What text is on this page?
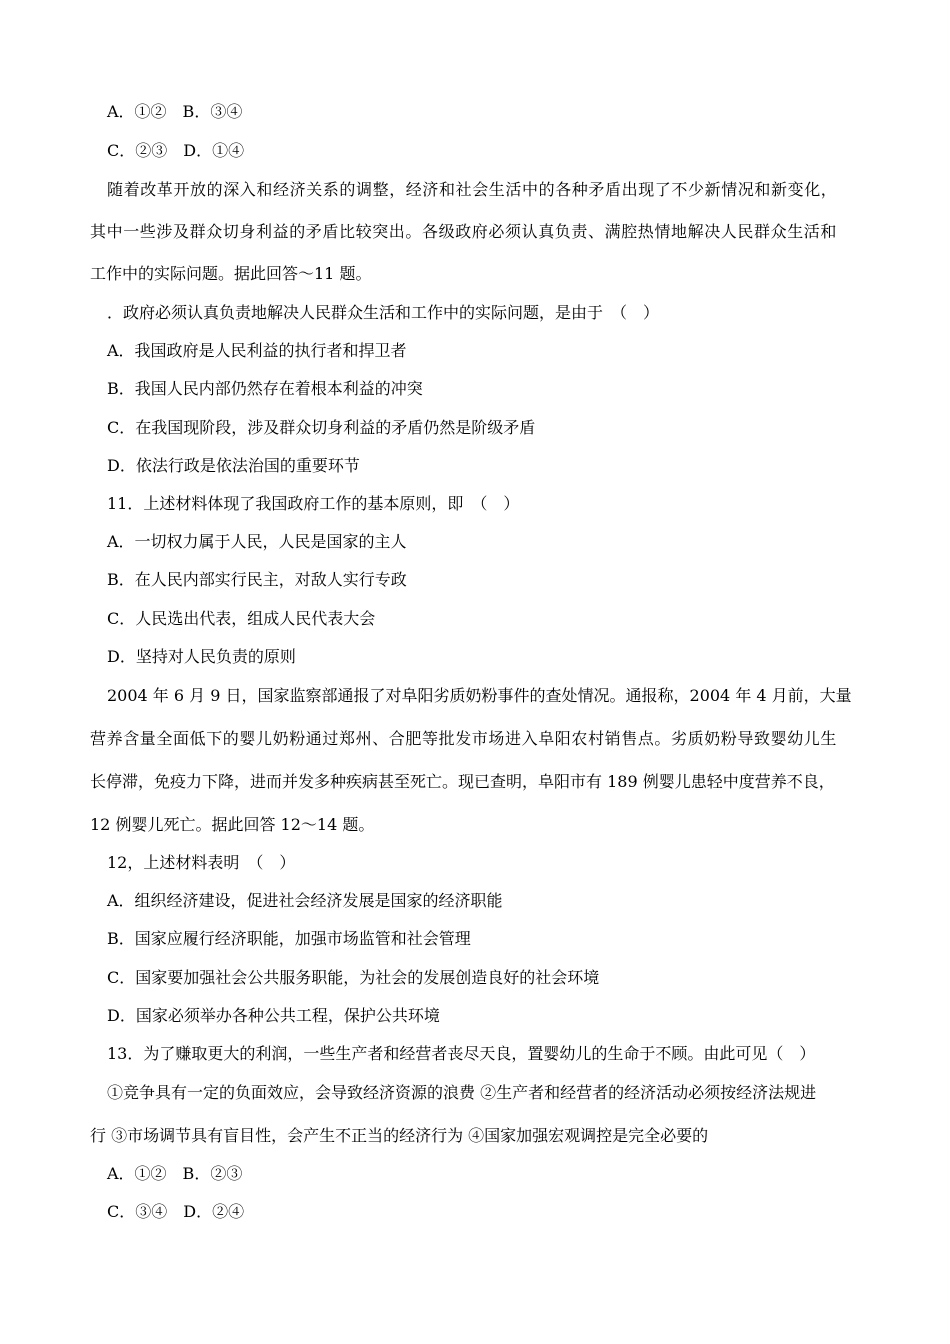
A．①②　B．③④
C．②③　D．①④
随着改革开放的深入和经济关系的调整，经济和社会生活中的各种矛盾出现了不少新情况和新变化，
其中一些涉及群众切身利益的矛盾比较突出。各级政府必须认真负责、满腔热情地解决人民群众生活和
工作中的实际问题。据此回答～11 题。
．政府必须认真负责地解决人民群众生活和工作中的实际问题，是由于　（　）
A．我国政府是人民利益的执行者和捍卫者
B．我国人民内部仍然存在着根本利益的冲突
C．在我国现阶段，涉及群众切身利益的矛盾仍然是阶级矛盾
D．依法行政是依法治国的重要环节
11．上述材料体现了我国政府工作的基本原则，即　（　）
A．一切权力属于人民，人民是国家的主人
B．在人民内部实行民主，对敌人实行专政
C．人民选出代表，组成人民代表大会
D．坚持对人民负责的原则
2004 年 6 月 9 日，国家监察部通报了对阜阳劣质奶粉事件的查处情况。通报称，2004 年 4 月前，大量
营养含量全面低下的婴儿奶粉通过郑州、合肥等批发市场进入阜阳农村销售点。劣质奶粉导致婴幼儿生
长停滞，免疫力下降，进而并发多种疾病甚至死亡。现已查明，阜阳市有 189 例婴儿患轻中度营养不良，
12 例婴儿死亡。据此回答 12～14 题。
12，上述材料表明　（　）
A．组织经济建设，促进社会经济发展是国家的经济职能
B．国家应履行经济职能，加强市场监管和社会管理
C．国家要加强社会公共服务职能，为社会的发展创造良好的社会环境
D．国家必须举办各种公共工程，保护公共环境
13．为了赚取更大的利润，一些生产者和经营者丧尽天良，置婴幼儿的生命于不顾。由此可见（　）
①竞争具有一定的负面效应，会导致经济资源的浪费 ②生产者和经营者的经济活动必须按经济法规进
行 ③市场调节具有盲目性，会产生不正当的经济行为 ④国家加强宏观调控是完全必要的
A．①②　B．②③
C．③④　D．②④
